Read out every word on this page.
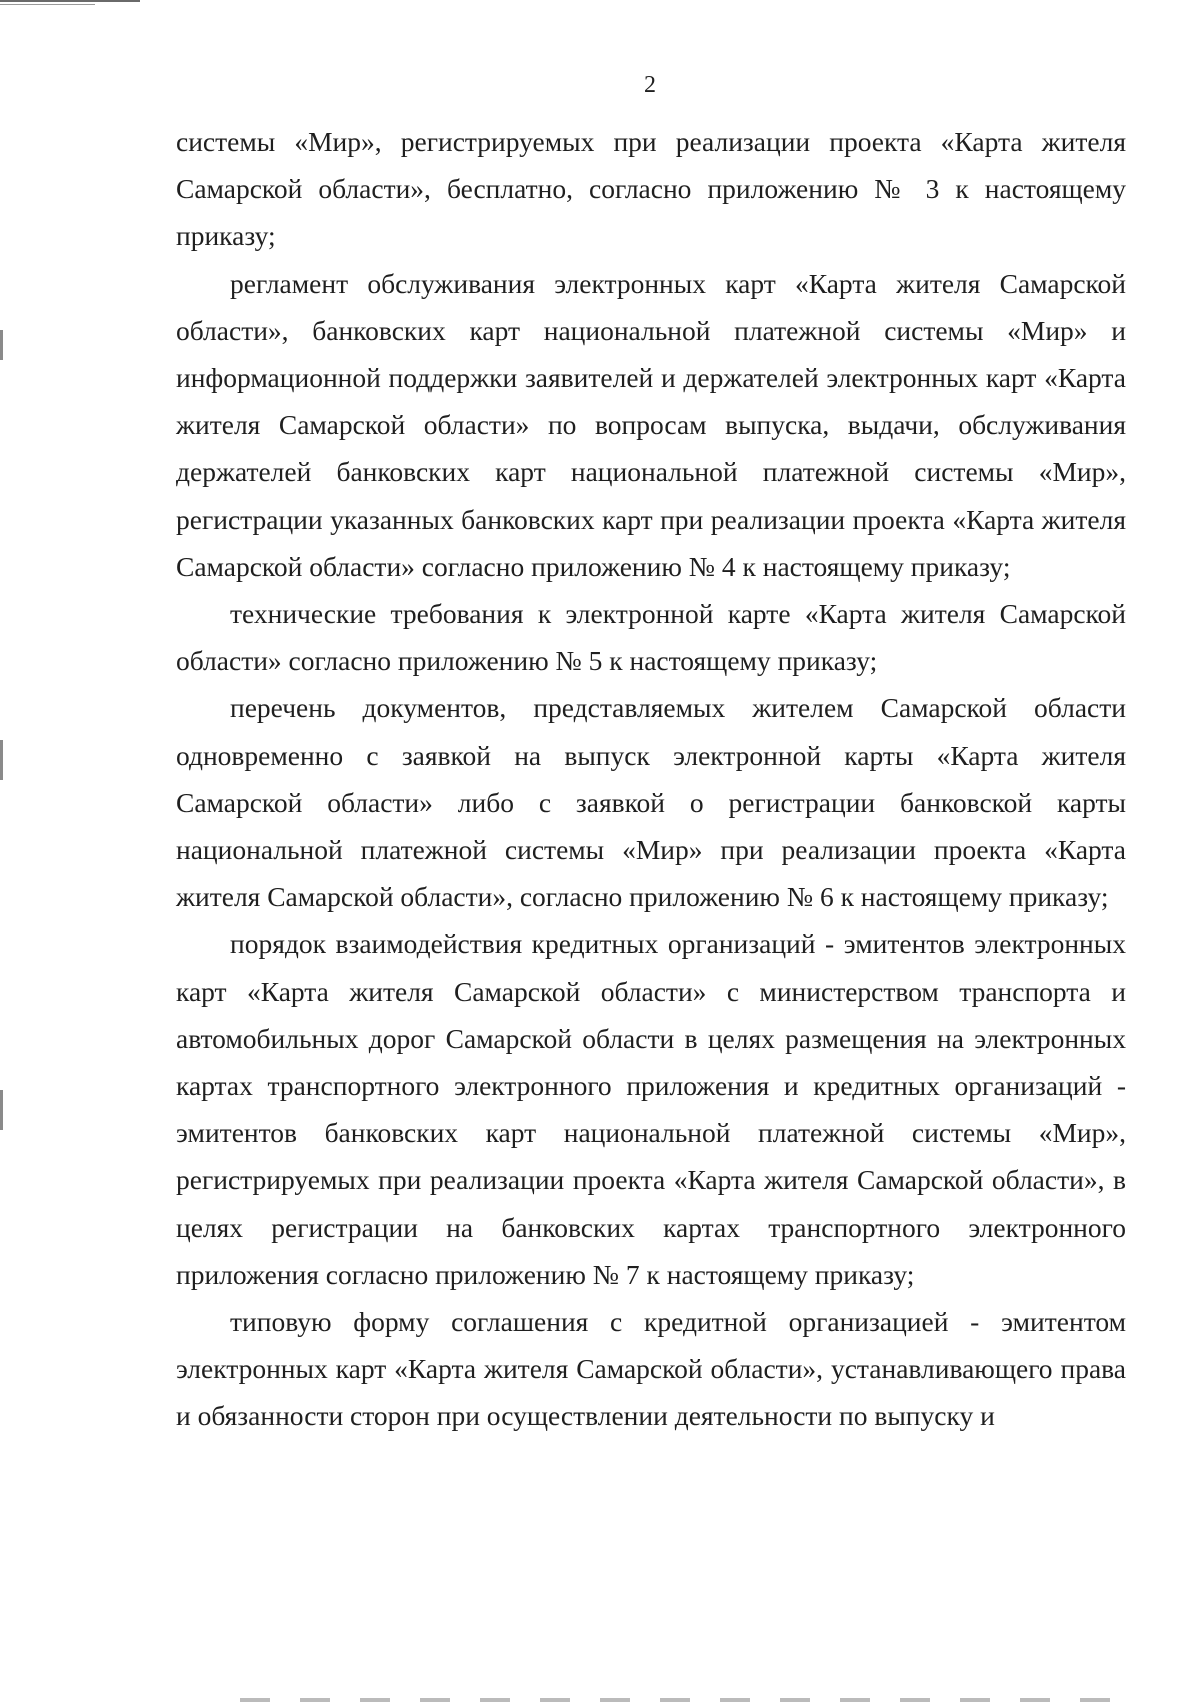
2

системы «Мир», регистрируемых при реализации проекта «Карта жителя Самарской области», бесплатно, согласно приложению № 3 к настоящему приказу;

регламент обслуживания электронных карт «Карта жителя Самарской области», банковских карт национальной платежной системы «Мир» и информационной поддержки заявителей и держателей электронных карт «Карта жителя Самарской области» по вопросам выпуска, выдачи, обслуживания держателей банковских карт национальной платежной системы «Мир», регистрации указанных банковских карт при реализации проекта «Карта жителя Самарской области» согласно приложению № 4 к настоящему приказу;

технические требования к электронной карте «Карта жителя Самарской области» согласно приложению № 5 к настоящему приказу;

перечень документов, представляемых жителем Самарской области одновременно с заявкой на выпуск электронной карты «Карта жителя Самарской области» либо с заявкой о регистрации банковской карты национальной платежной системы «Мир» при реализации проекта «Карта жителя Самарской области», согласно приложению № 6 к настоящему приказу;

порядок взаимодействия кредитных организаций - эмитентов электронных карт «Карта жителя Самарской области» с министерством транспорта и автомобильных дорог Самарской области в целях размещения на электронных картах транспортного электронного приложения и кредитных организаций - эмитентов банковских карт национальной платежной системы «Мир», регистрируемых при реализации проекта «Карта жителя Самарской области», в целях регистрации на банковских картах транспортного электронного приложения согласно приложению № 7 к настоящему приказу;

типовую форму соглашения с кредитной организацией - эмитентом электронных карт «Карта жителя Самарской области», устанавливающего права и обязанности сторон при осуществлении деятельности по выпуску и
